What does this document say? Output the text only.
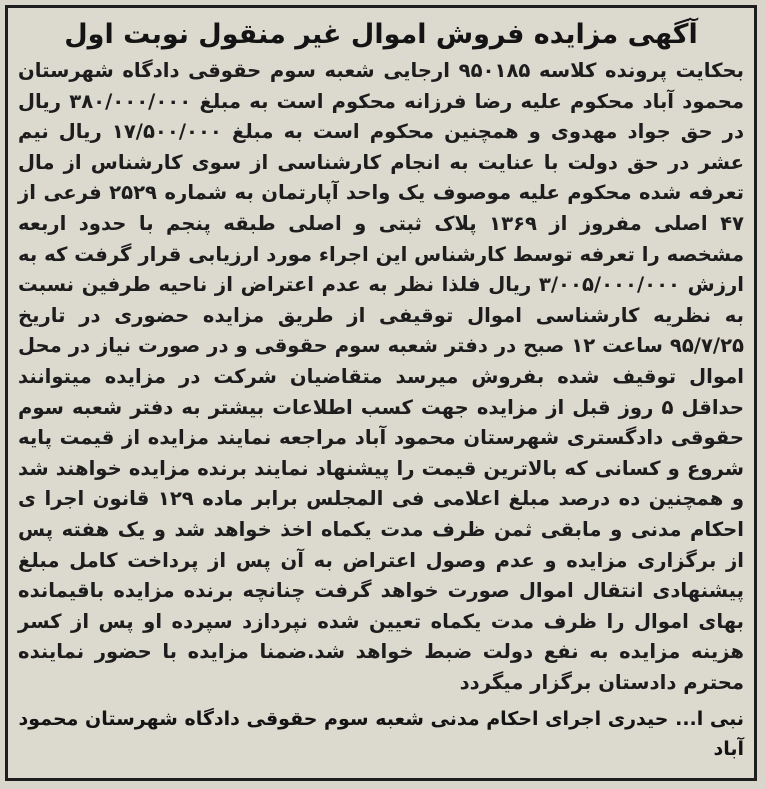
آگهی مزایده فروش اموال غیر منقول نوبت اول

بحکایت پرونده کلاسه ۹۵۰۱۸۵ ارجایی شعبه سوم حقوقی دادگاه شهرستان محمود آباد محکوم علیه رضا فرزانه محکوم است به مبلغ ۳۸۰/۰۰۰/۰۰۰ ریال در حق جواد مهدوی و همچنین محکوم است به مبلغ ۱۷/۵۰۰/۰۰۰ ریال نیم عشر در حق دولت با عنایت به انجام کارشناسی از سوی کارشناس از مال تعرفه شده محکوم علیه موصوف یک واحد آپارتمان به شماره ۲۵۲۹ فرعی از ۴۷ اصلی مفروز از ۱۳۶۹ پلاک ثبتی و اصلی طبقه پنجم با حدود اربعه مشخصه را تعرفه توسط کارشناس این اجراء مورد ارزیابی قرار گرفت که به ارزش ۳/۰۰۵/۰۰۰/۰۰۰ ریال فلذا نظر به عدم اعتراض از ناحیه طرفین نسبت به نظریه کارشناسی اموال توقیفی از طریق مزایده حضوری در تاریخ ۹۵/۷/۲۵ ساعت ۱۲ صبح در دفتر شعبه سوم حقوقی و در صورت نیاز در محل اموال توقیف شده بفروش میرسد متقاضیان شرکت در مزایده میتوانند حداقل ۵ روز قبل از مزایده جهت کسب اطلاعات بیشتر به دفتر شعبه سوم حقوقی دادگستری شهرستان محمود آباد مراجعه نمایند مزایده از قیمت پایه شروع و کسانی که بالاترین قیمت را پیشنهاد نمایند برنده مزایده خواهند شد و همچنین ده درصد مبلغ اعلامی فی المجلس برابر ماده ۱۲۹ قانون اجرا ی احکام مدنی و مابقی ثمن ظرف مدت یکماه اخذ خواهد شد و یک هفته پس از برگزاری مزایده و عدم وصول اعتراض به آن پس از پرداخت کامل مبلغ پیشنهادی انتقال اموال صورت خواهد گرفت چنانچه برنده مزایده باقیمانده بهای اموال را ظرف مدت یکماه تعیین شده نپردازد سپرده او پس از کسر هزینه مزایده به نفع دولت ضبط خواهد شد.ضمنا مزایده با حضور نماینده محترم دادستان برگزار میگردد

نبی ا... حیدری اجرای احکام مدنی شعبه سوم حقوقی دادگاه شهرستان محمود آباد
